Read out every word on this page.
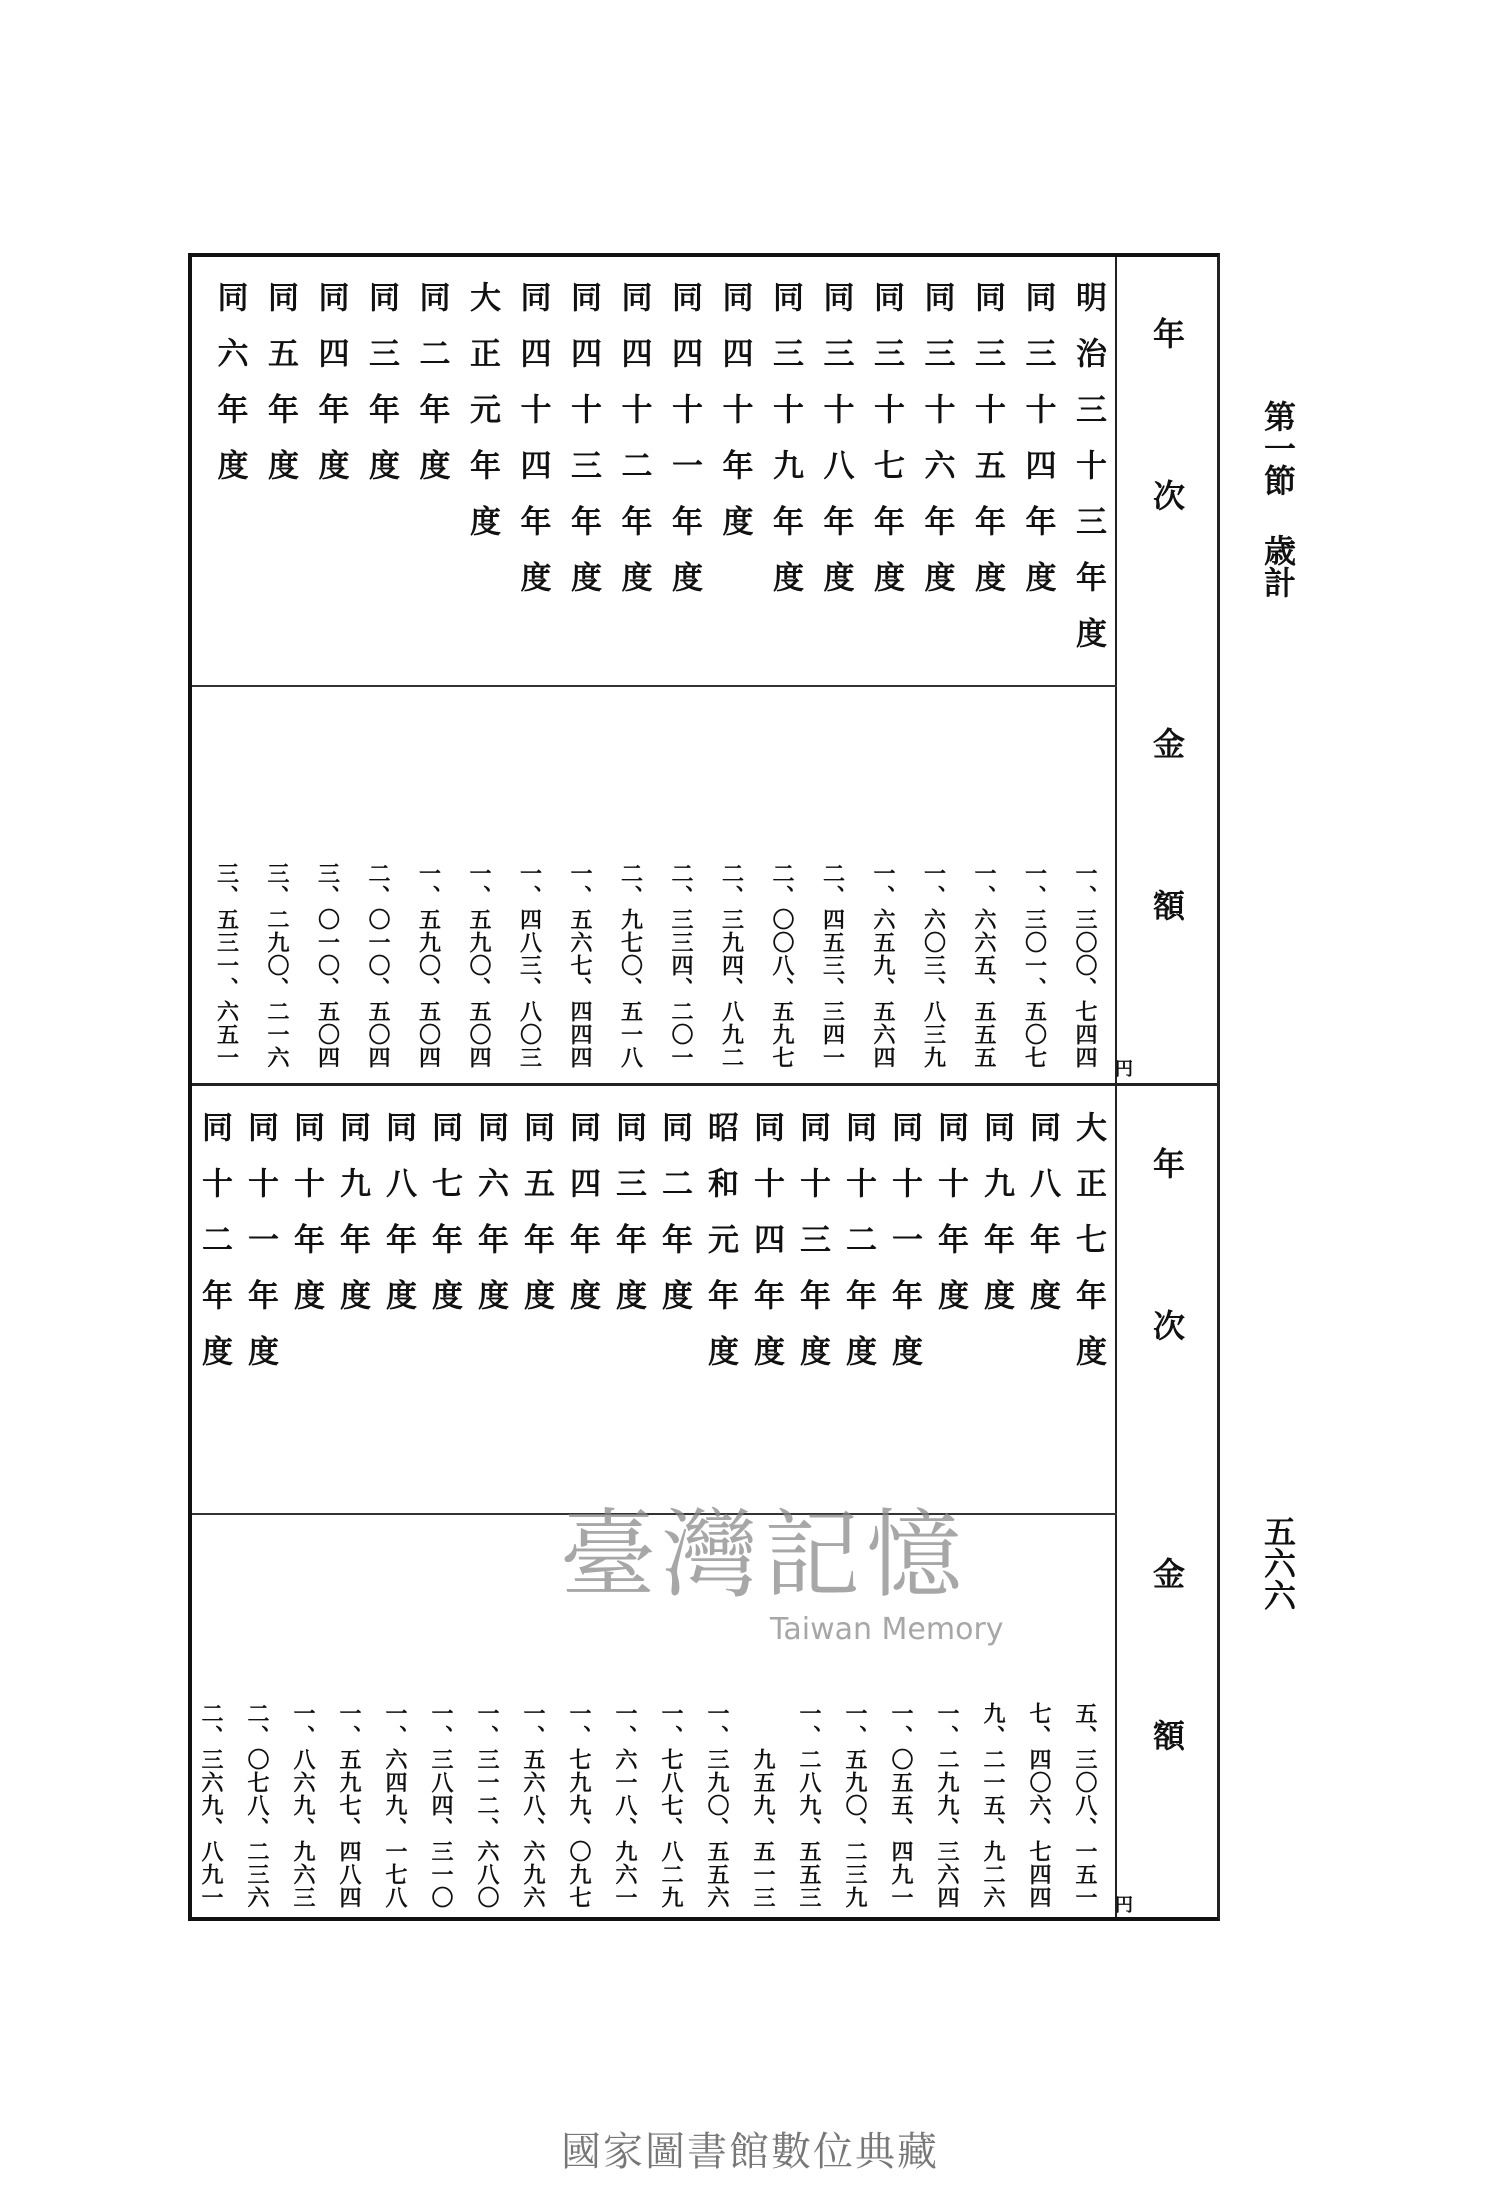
第一節 歳計
五六六
年次
金額
年次
金額
円
円
明治三十三年度
一、三〇〇、七四四
同三十四年度
一、三〇一、五〇七
同三十五年度
一、六六五、五五五
同三十六年度
一、六〇三、八三九
同三十七年度
一、六五九、五六四
同三十八年度
二、四五三、三四一
同三十九年度
二、〇〇八、五九七
同四十年度
二、三九四、八九二
同四十一年度
二、三三四、二〇一
同四十二年度
二、九七〇、五一八
同四十三年度
一、五六七、四四四
同四十四年度
一、四八三、八〇三
大正元年度
一、五九〇、五〇四
同二年度
一、五九〇、五〇四
同三年度
二、〇一〇、五〇四
同四年度
三、〇一〇、五〇四
同五年度
三、二九〇、二一六
同六年度
三、五三一、六五一
大正七年度
五、三〇八、一五一
同八年度
七、四〇六、七四四
同九年度
九、二一五、九二六
同十年度
一、二九九、三六四
同十一年度
一、〇五五、四九一
同十二年度
一、五九〇、二三九
同十三年度
一、二八九、五五三
同十四年度
九五九、五一三
昭和元年度
一、三九〇、五五六
同二年度
一、七八七、八二九
同三年度
一、六一八、九六一
同四年度
一、七九九、〇九七
同五年度
一、五六八、六九六
同六年度
一、三一二、六八〇
同七年度
一、三八四、三一〇
同八年度
一、六四九、一七八
同九年度
一、五九七、四八四
同十年度
一、八六九、九六三
同十一年度
二、〇七八、二三六
同十二年度
二、三六九、八九一
臺灣記憶
Taiwan Memory
國家圖書館數位典藏
